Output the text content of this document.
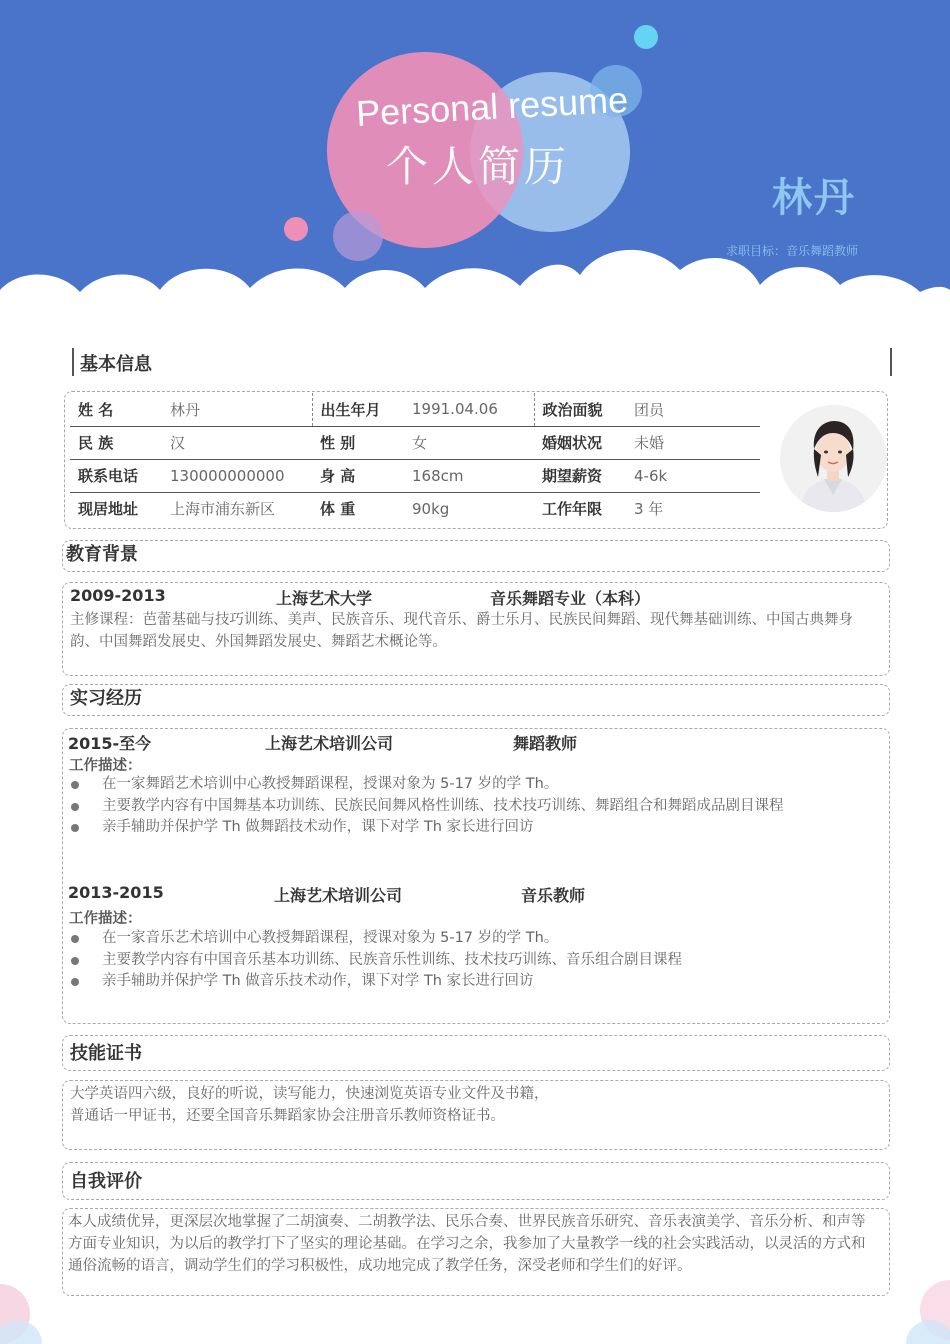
Personal resume
个人简历
林丹
求职目标：音乐舞蹈教师
基本信息
姓 名	林丹	出生年月	1991.04.06	政治面貌	团员
民 族	汉	性 别	女	婚姻状况	未婚
联系电话	130000000000	身 高	168cm	期望薪资	4-6k
现居地址	上海市浦东新区	体 重	90kg	工作年限	3 年
教育背景
2009-2013	上海艺术大学	音乐舞蹈专业（本科）
主修课程：芭蕾基础与技巧训练、美声、民族音乐、现代音乐、爵士乐月、民族民间舞蹈、现代舞基础训练、中国古典舞身韵、中国舞蹈发展史、外国舞蹈发展史、舞蹈艺术概论等。
实习经历
2015-至今	上海艺术培训公司	舞蹈教师
工作描述：
在一家舞蹈艺术培训中心教授舞蹈课程，授课对象为 5-17 岁的学 Th。
主要教学内容有中国舞基本功训练、民族民间舞风格性训练、技术技巧训练、舞蹈组合和舞蹈成品剧目课程
亲手辅助并保护学 Th 做舞蹈技术动作，课下对学 Th 家长进行回访
2013-2015	上海艺术培训公司	音乐教师
工作描述：
在一家音乐艺术培训中心教授舞蹈课程，授课对象为 5-17 岁的学 Th。
主要教学内容有中国音乐基本功训练、民族音乐性训练、技术技巧训练、音乐组合剧目课程
亲手辅助并保护学 Th 做音乐技术动作，课下对学 Th 家长进行回访
技能证书
大学英语四六级，良好的听说，读写能力，快速浏览英语专业文件及书籍，
普通话一甲证书，还要全国音乐舞蹈家协会注册音乐教师资格证书。
自我评价
本人成绩优异，更深层次地掌握了二胡演奏、二胡教学法、民乐合奏、世界民族音乐研究、音乐表演美学、音乐分析、和声等方面专业知识，为以后的教学打下了坚实的理论基础。在学习之余，我参加了大量教学一线的社会实践活动，以灵活的方式和通俗流畅的语言，调动学生们的学习积极性，成功地完成了教学任务，深受老师和学生们的好评。
